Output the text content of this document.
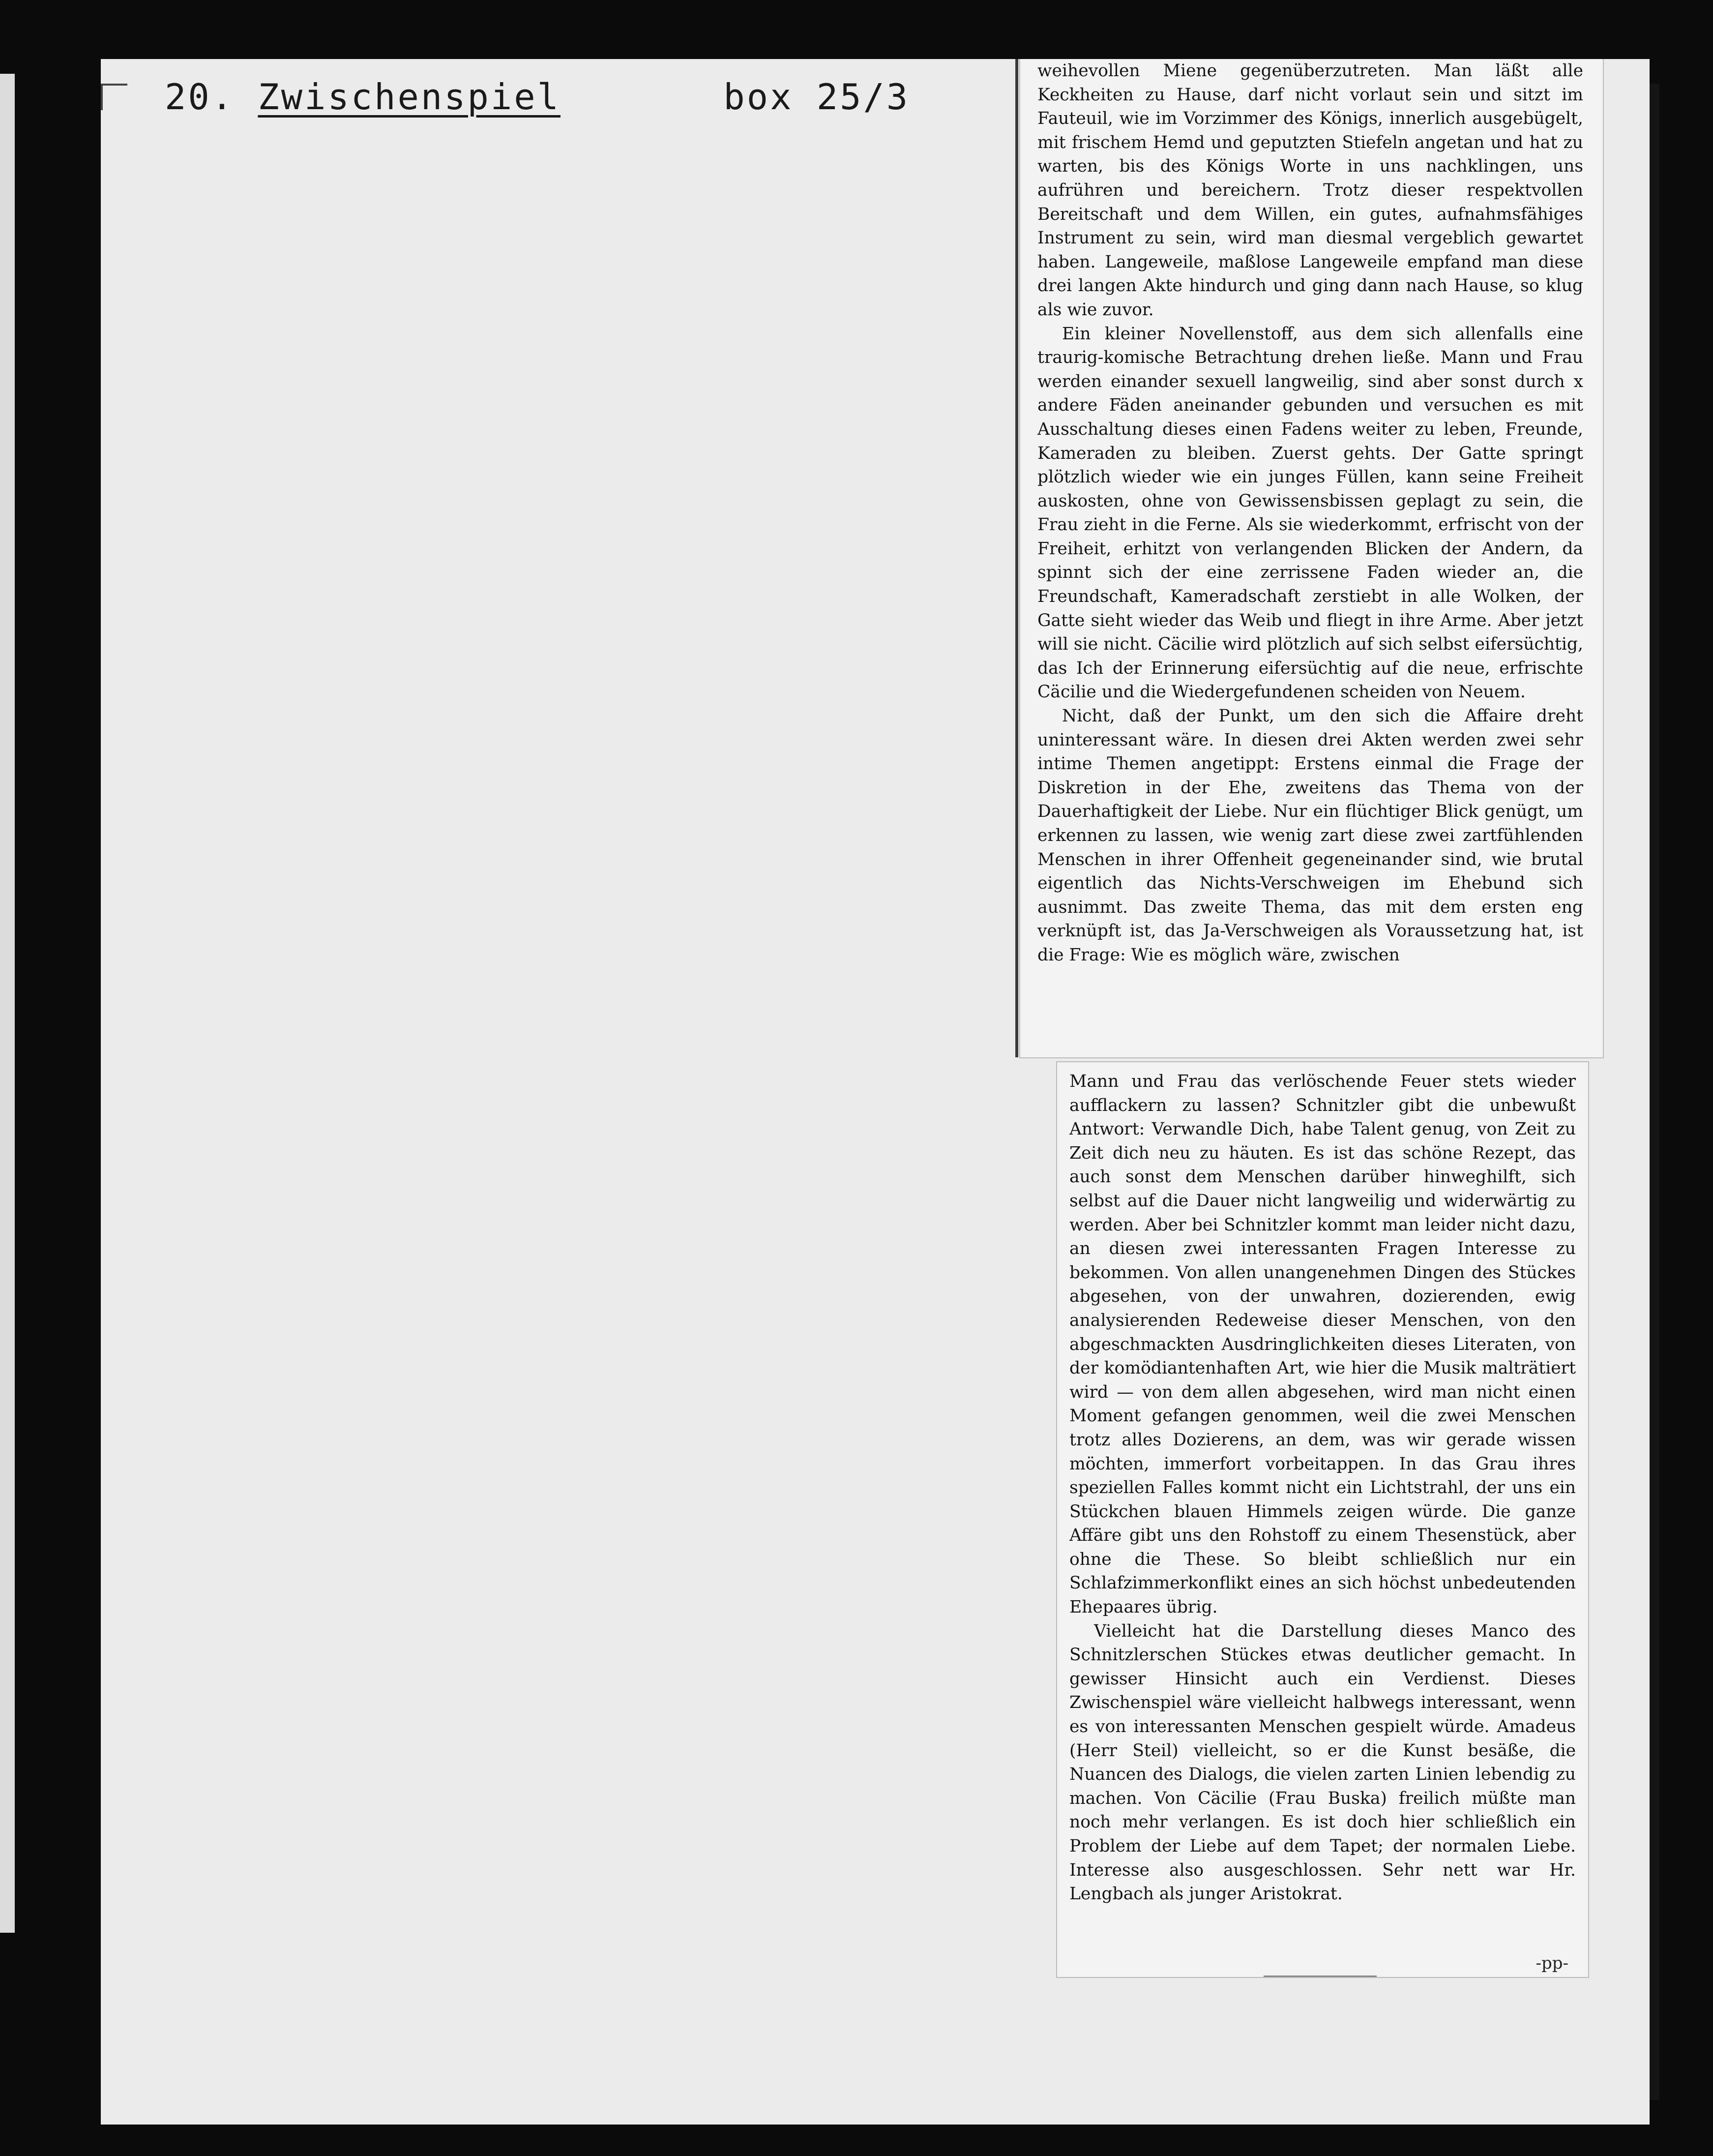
20. Zwischenspiel	box 25/3

weihevollen Miene gegenüberzutreten. Man läßt alle Keckheiten zu Hause, darf nicht vorlaut sein und sitzt im Fauteuil, wie im Vorzimmer des Königs, innerlich ausgebügelt, mit frischem Hemd und geputzten Stiefeln angetan und hat zu warten, bis des Königs Worte in uns nachklingen, uns aufrühren und bereichern. Trotz dieser respektvollen Bereitschaft und dem Willen, ein gutes, aufnahmsfähiges Instrument zu sein, wird man diesmal vergeblich gewartet haben. Langeweile, maßlose Langeweile empfand man diese drei langen Akte hindurch und ging dann nach Hause, so klug als wie zuvor.

Ein kleiner Novellenstoff, aus dem sich allenfalls eine traurig-komische Betrachtung drehen ließe. Mann und Frau werden einander sexuell langweilig, sind aber sonst durch x andere Fäden aneinander gebunden und versuchen es mit Ausschaltung dieses einen Fadens weiter zu leben, Freunde, Kameraden zu bleiben. Zuerst gehts. Der Gatte springt plötzlich wieder wie ein junges Füllen, kann seine Freiheit auskosten, ohne von Gewissensbissen geplagt zu sein, die Frau zieht in die Ferne. Als sie wiederkommt, erfrischt von der Freiheit, erhitzt von verlangenden Blicken der Andern, da spinnt sich der eine zerrissene Faden wieder an, die Freundschaft, Kameradschaft zerstiebt in alle Wolken, der Gatte sieht wieder das Weib und fliegt in ihre Arme. Aber jetzt will sie nicht. Cäcilie wird plötzlich auf sich selbst eifersüchtig, das Ich der Erinnerung eifersüchtig auf die neue, erfrischte Cäcilie und die Wiedergefundenen scheiden von Neuem.

Nicht, daß der Punkt, um den sich die Affaire dreht uninteressant wäre. In diesen drei Akten werden zwei sehr intime Themen angetippt: Erstens einmal die Frage der Diskretion in der Ehe, zweitens das Thema von der Dauerhaftigkeit der Liebe. Nur ein flüchtiger Blick genügt, um erkennen zu lassen, wie wenig zart diese zwei zartfühlenden Menschen in ihrer Offenheit gegeneinander sind, wie brutal eigentlich das Nichts-Verschweigen im Ehebund sich ausnimmt. Das zweite Thema, das mit dem ersten eng verknüpft ist, das Ja-Verschweigen als Voraussetzung hat, ist die Frage: Wie es möglich wäre, zwischen

Mann und Frau das verlöschende Feuer stets wieder aufflackern zu lassen? Schnitzler gibt die unbewußt Antwort: Verwandle Dich, habe Talent genug, von Zeit zu Zeit dich neu zu häuten. Es ist das schöne Rezept, das auch sonst dem Menschen darüber hinweghilft, sich selbst auf die Dauer nicht langweilig und widerwärtig zu werden. Aber bei Schnitzler kommt man leider nicht dazu, an diesen zwei interessanten Fragen Interesse zu bekommen. Von allen unangenehmen Dingen des Stückes abgesehen, von der unwahren, dozierenden, ewig analysierenden Redeweise dieser Menschen, von den abgeschmackten Ausdringlichkeiten dieses Literaten, von der komödiantenhaften Art, wie hier die Musik malträtiert wird — von dem allen abgesehen, wird man nicht einen Moment gefangen genommen, weil die zwei Menschen trotz alles Dozierens, an dem, was wir gerade wissen möchten, immerfort vorbeitappen. In das Grau ihres speziellen Falles kommt nicht ein Lichtstrahl, der uns ein Stückchen blauen Himmels zeigen würde. Die ganze Affäre gibt uns den Rohstoff zu einem Thesenstück, aber ohne die These. So bleibt schließlich nur ein Schlafzimmerkonflikt eines an sich höchst unbedeutenden Ehepaares übrig.

Vielleicht hat die Darstellung dieses Manco des Schnitzlerschen Stückes etwas deutlicher gemacht. In gewisser Hinsicht auch ein Verdienst. Dieses Zwischenspiel wäre vielleicht halbwegs interessant, wenn es von interessanten Menschen gespielt würde. Amadeus (Herr Steil) vielleicht, so er die Kunst besäße, die Nuancen des Dialogs, die vielen zarten Linien lebendig zu machen. Von Cäcilie (Frau Buska) freilich müßte man noch mehr verlangen. Es ist doch hier schließlich ein Problem der Liebe auf dem Tapet; der normalen Liebe. Interesse also ausgeschlossen. Sehr nett war Hr. Lengbach als junger Aristokrat.

-pp-
